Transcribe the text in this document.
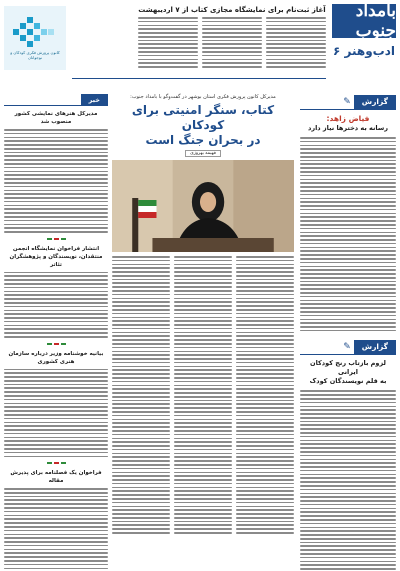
بامداد جنوب
ادب‌وهنر ۶
آغاز ثبت‌نام برای نمایشگاه مجازی کتاب از ۷ اردیبهشت
کانون پرورش فکری کودکان و نوجوانان
گزارش
✎
فیاض زاهد:
رسانه به دخترها نیاز دارد
گزارش
✎
لزوم بازتاب رنج کودکان ایرانی
به قلم نویسندگان کودک
مدیرکل کانون پرورش فکری استان بوشهر در گفت‌وگو با بامداد جنوب:
کتاب، سنگر امنیتی برای کودکان
در بحران جنگ است
فهیمه بهروزی
خبر
مدیرکل هنرهای نمایشی کشور منصوب شد
انتشار فراخوان نمایشگاه انجمن منتقدان، نویسندگان و پژوهشگران تئاتر
بیانیه خوشنامه وزیر درباره سازمان هنری کشوری
فراخوان یک فصلنامه برای پذیرش مقاله
